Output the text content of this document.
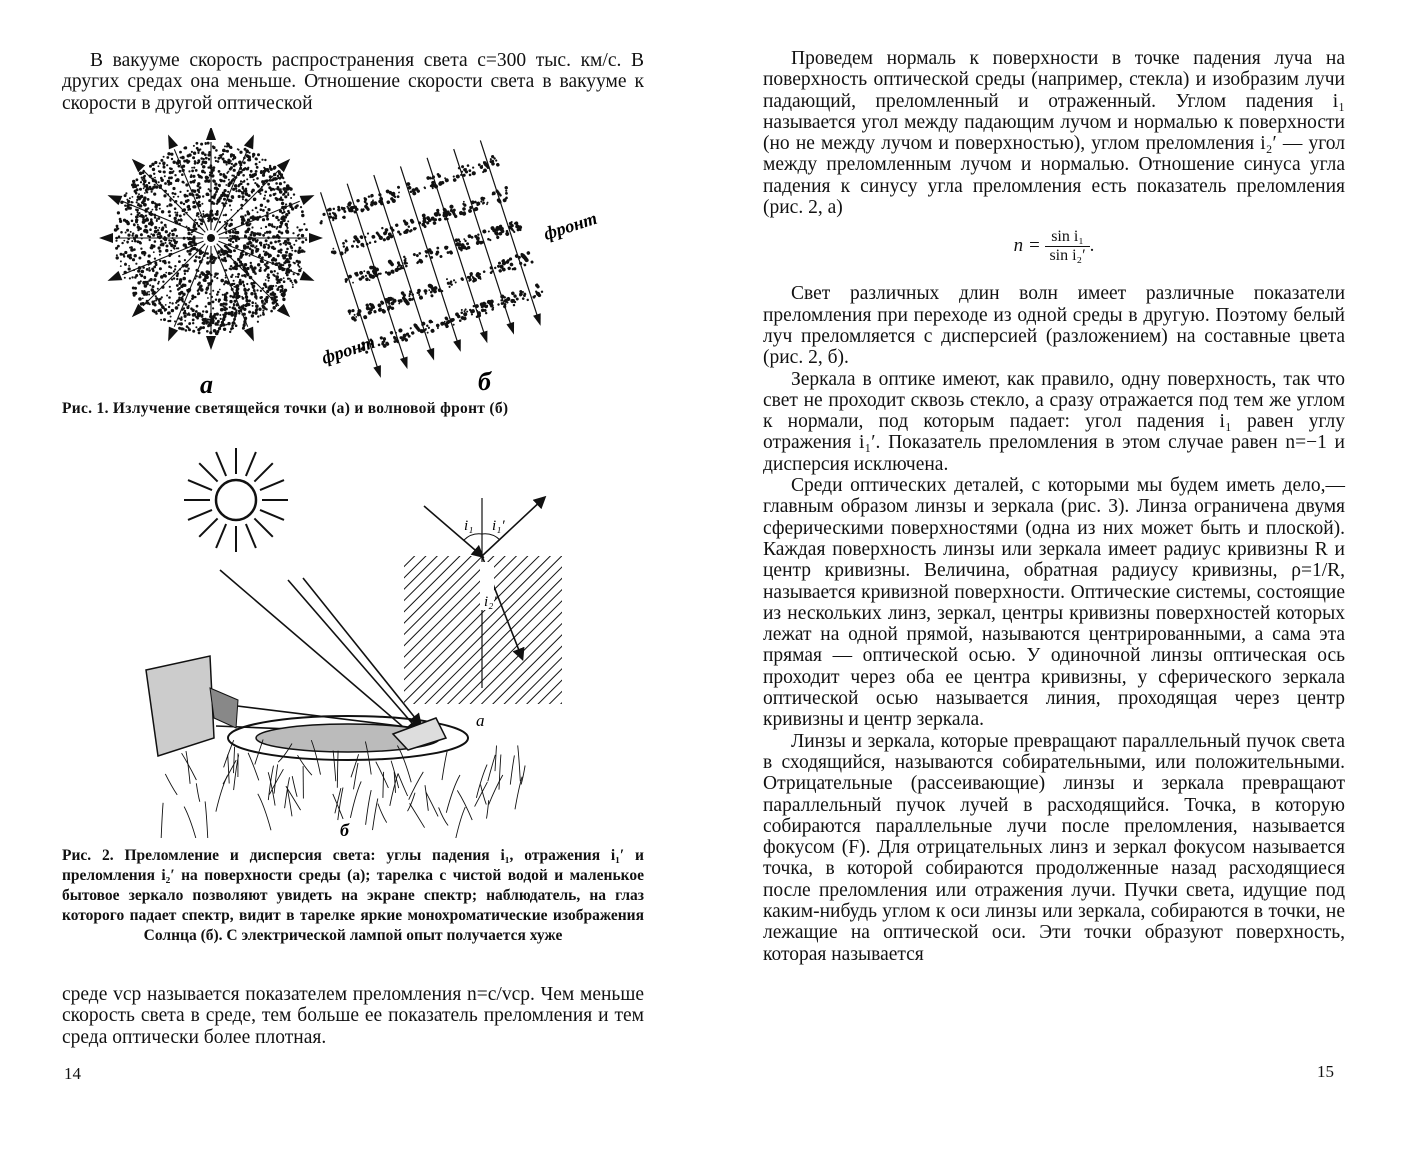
В вакууме скорость распространения света c=300 тыс. км/с. В других средах она меньше. Отношение скорости света в вакууме к скорости в другой оптической

а
фронт
фронт
б
Рис. 1. Излучение светящейся точки (а) и волновой фронт (б)
б
i₁ i₁′
i₂′
а
Рис. 2. Преломление и дисперсия света: углы падения i₁, отражения i₁′ и преломления i₂′ на поверхности среды (а); тарелка с чистой водой и маленькое бытовое зеркало позволяют увидеть на экране спектр; наблюдатель, на глаз которого падает спектр, видит в тарелке яркие монохроматические изображения Солнца (б). С электрической лампой опыт получается хуже

среде vср называется показателем преломления n=c/vср. Чем меньше скорость света в среде, тем больше ее показатель преломления и тем среда оптически более плотная.

14

Проведем нормаль к поверхности в точке падения луча на поверхность оптической среды (например, стекла) и изобразим лучи падающий, преломленный и отраженный. Углом падения i₁ называется угол между падающим лучом и нормалью к поверхности (но не между лучом и поверхностью), углом преломления i₂′ — угол между преломленным лучом и нормалью. Отношение синуса угла падения к синусу угла преломления есть показатель преломления (рис. 2, а)

$n = \frac{\text{sin i₁}}{\text{sin i₂′}}$ .

Свет различных длин волн имеет различные показатели преломления при переходе из одной среды в другую. Поэтому белый луч преломляется с дисперсией (разложением) на составные цвета (рис. 2, б).

Зеркала в оптике имеют, как правило, одну поверхность, так что свет не проходит сквозь стекло, а сразу отражается под тем же углом к нормали, под которым падает: угол падения i₁ равен углу отражения i₁′. Показатель преломления в этом случае равен n=−1 и дисперсия исключена.

Среди оптических деталей, с которыми мы будем иметь дело,— главным образом линзы и зеркала (рис. 3). Линза ограничена двумя сферическими поверхностями (одна из них может быть и плоской). Каждая поверхность линзы или зеркала имеет радиус кривизны R и центр кривизны. Величина, обратная радиусу кривизны, ρ=1/R, называется кривизной поверхности. Оптические системы, состоящие из нескольких линз, зеркал, центры кривизны поверхностей которых лежат на одной прямой, называются центрированными, а сама эта прямая — оптической осью. У одиночной линзы оптическая ось проходит через оба ее центра кривизны, у сферического зеркала оптической осью называется линия, проходящая через центр кривизны и центр зеркала.

Линзы и зеркала, которые превращают параллельный пучок света в сходящийся, называются собирательными, или положительными. Отрицательные (рассеивающие) линзы и зеркала превращают параллельный пучок лучей в расходящийся. Точка, в которую собираются параллельные лучи после преломления, называется фокусом (F). Для отрицательных линз и зеркал фокусом называется точка, в которой собираются продолженные назад расходящиеся после преломления или отражения лучи. Пучки света, идущие под каким-нибудь углом к оси линзы или зеркала, собираются в точки, не лежащие на оптической оси. Эти точки образуют поверхность, которая называется

15
